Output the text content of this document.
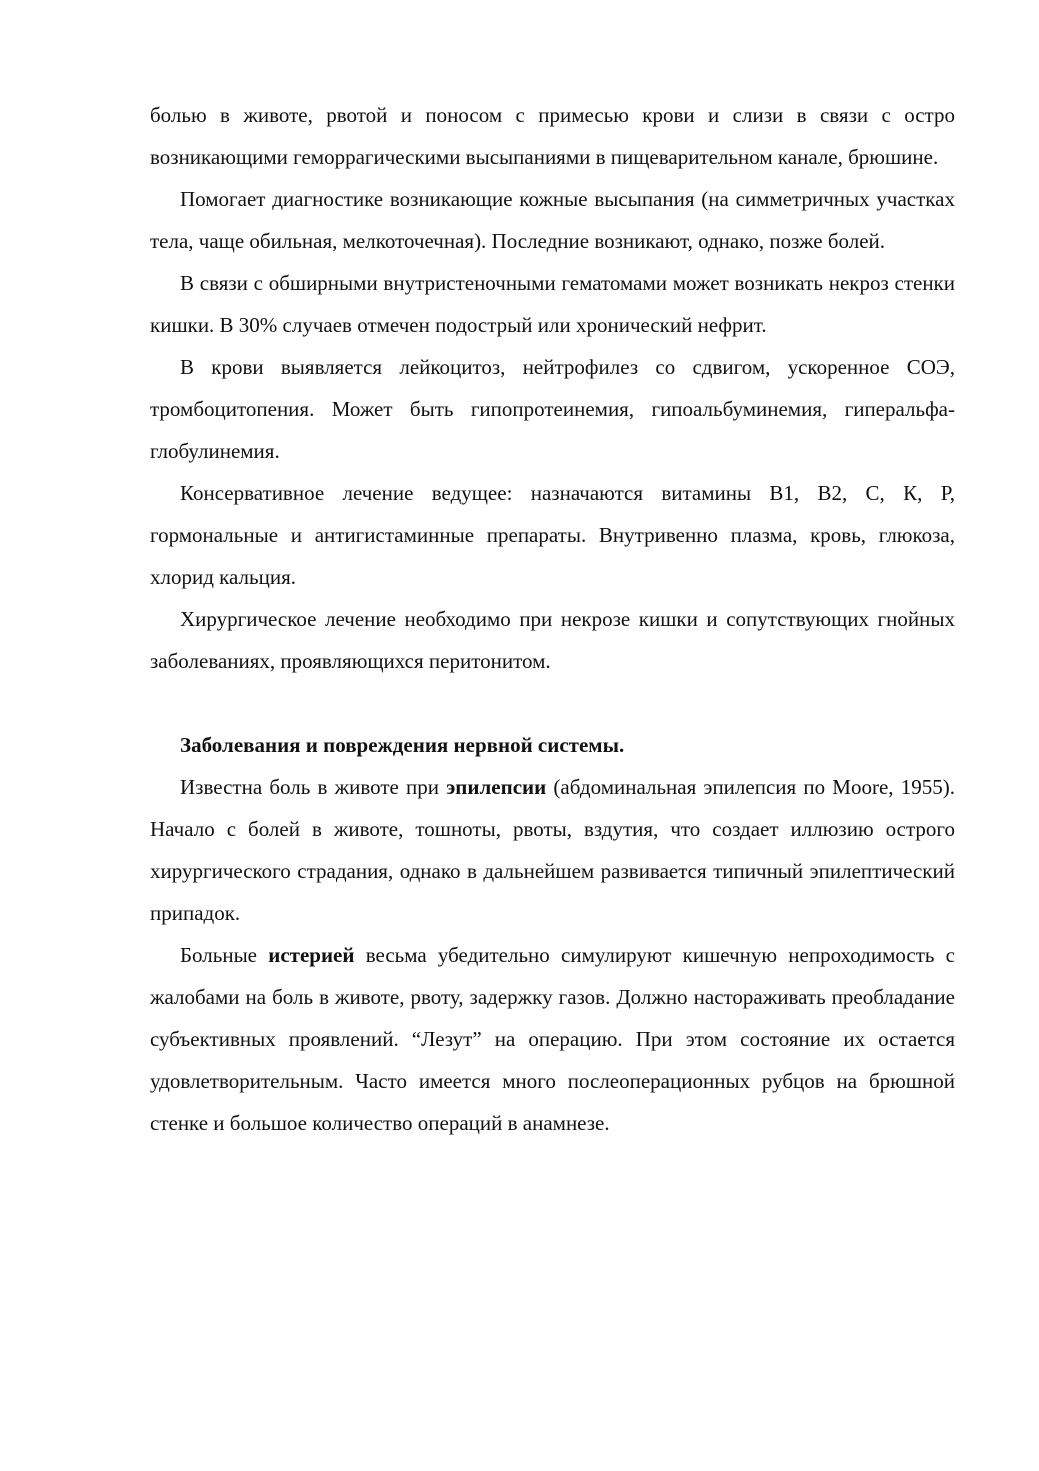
болью в животе, рвотой и поносом с примесью крови и слизи в связи с остро возникающими геморрагическими высыпаниями в пищеварительном канале, брюшине.

Помогает диагностике возникающие кожные высыпания (на симметричных участках тела, чаще обильная, мелкоточечная). Последние возникают, однако, позже болей.

В связи с обширными внутристеночными гематомами может возникать некроз стенки кишки. В 30% случаев отмечен подострый или хронический нефрит.

В крови выявляется лейкоцитоз, нейтрофилез со сдвигом, ускоренное СОЭ, тромбоцитопения. Может быть гипопротеинемия, гипоальбуминемия, гиперальфа-глобулинемия.

Консервативное лечение ведущее: назначаются витамины В1, В2, С, К, Р, гормональные и антигистаминные препараты. Внутривенно плазма, кровь, глюкоза, хлорид кальция.

Хирургическое лечение необходимо при некрозе кишки и сопутствующих гнойных заболеваниях, проявляющихся перитонитом.

Заболевания и повреждения нервной системы.

Известна боль в животе при эпилепсии (абдоминальная эпилепсия по Moore, 1955). Начало с болей в животе, тошноты, рвоты, вздутия, что создает иллюзию острого хирургического страдания, однако в дальнейшем развивается типичный эпилептический припадок.

Больные истерией весьма убедительно симулируют кишечную непроходимость с жалобами на боль в животе, рвоту, задержку газов. Должно настораживать преобладание субъективных проявлений. “Лезут” на операцию. При этом состояние их остается удовлетворительным. Часто имеется много послеоперационных рубцов на брюшной стенке и большое количество операций в анамнезе.
